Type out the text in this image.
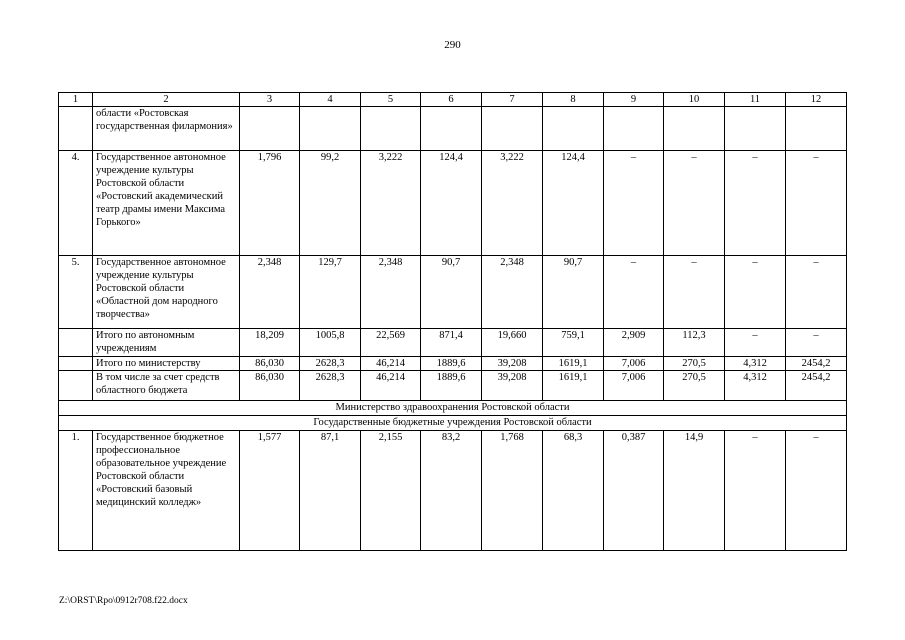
290
1	2	3	4	5	6	7	8	9	10	11	12
	области «Ростовская государственная филармония»										
4.	Государственное автономное учреждение культуры Ростовской области «Ростовский академический театр драмы имени Максима Горького»	1,796	99,2	3,222	124,4	3,222	124,4	–	–	–	–
5.	Государственное автономное учреждение культуры Ростовской области «Областной дом народного творчества»	2,348	129,7	2,348	90,7	2,348	90,7	–	–	–	–
	Итого по автономным учреждениям	18,209	1005,8	22,569	871,4	19,660	759,1	2,909	112,3	–	–
	Итого по министерству	86,030	2628,3	46,214	1889,6	39,208	1619,1	7,006	270,5	4,312	2454,2
	В том числе за счет средств областного бюджета	86,030	2628,3	46,214	1889,6	39,208	1619,1	7,006	270,5	4,312	2454,2
Министерство здравоохранения Ростовской области											
Государственные бюджетные учреждения Ростовской области											
1.	Государственное бюджетное профессиональное образовательное учреждение Ростовской области «Ростовский базовый медицинский колледж»	1,577	87,1	2,155	83,2	1,768	68,3	0,387	14,9	–	–
Z:\ORST\Rpo\0912r708.f22.docx
